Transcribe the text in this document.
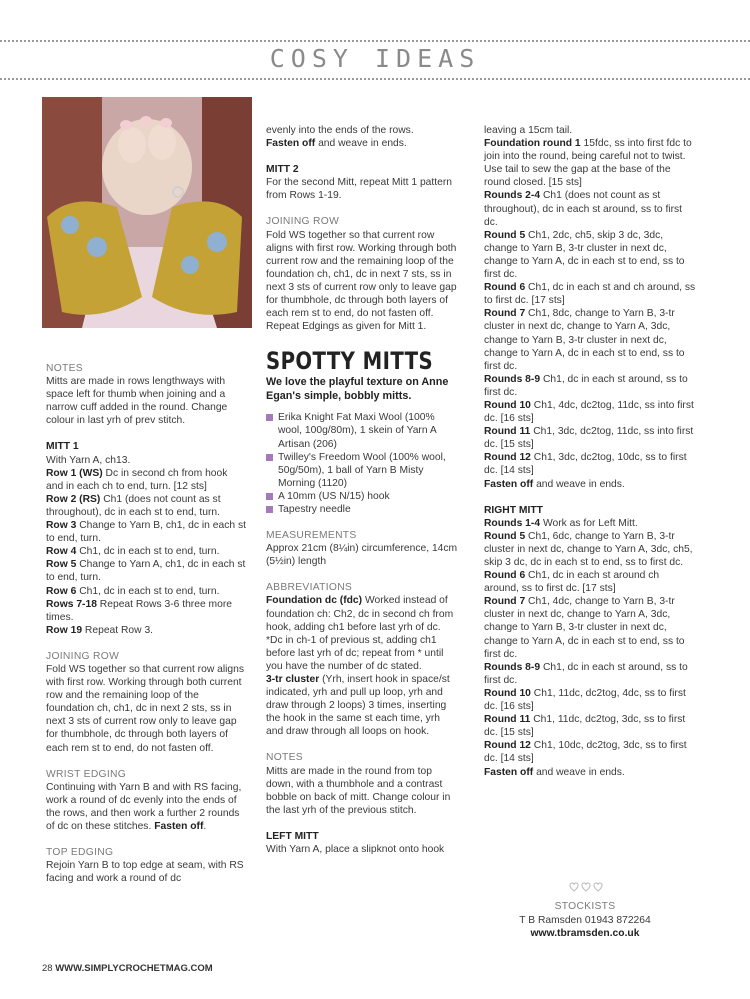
COSY IDEAS

NOTES

Mitts are made in rows lengthways with space left for thumb when joining and a narrow cuff added in the round. Change colour in last yrh of prev stitch.

MITT 1

With Yarn A, ch13.

Row 1 (WS) Dc in second ch from hook and in each ch to end, turn. [12 sts]

Row 2 (RS) Ch1 (does not count as st throughout), dc in each st to end, turn.

Row 3 Change to Yarn B, ch1, dc in each st to end, turn.

Row 4 Ch1, dc in each st to end, turn.

Row 5 Change to Yarn A, ch1, dc in each st to end, turn.

Row 6 Ch1, dc in each st to end, turn.

Rows 7-18 Repeat Rows 3-6 three more times.

Row 19 Repeat Row 3.

JOINING ROW

Fold WS together so that current row aligns with first row. Working through both current row and the remaining loop of the foundation ch, ch1, dc in next 2 sts, ss in next 3 sts of current row only to leave gap for thumbhole, dc through both layers of each rem st to end, do not fasten off.

WRIST EDGING

Continuing with Yarn B and with RS facing, work a round of dc evenly into the ends of the rows, and then work a further 2 rounds of dc on these stitches. Fasten off.

TOP EDGING

Rejoin Yarn B to top edge at seam, with RS facing and work a round of dc

evenly into the ends of the rows.
Fasten off and weave in ends.

MITT 2

For the second Mitt, repeat Mitt 1 pattern from Rows 1-19.

JOINING ROW

Fold WS together so that current row aligns with first row. Working through both current row and the remaining loop of the foundation ch, ch1, dc in next 7 sts, ss in next 3 sts of current row only to leave gap for thumbhole, dc through both layers of each rem st to end, do not fasten off. Repeat Edgings as given for Mitt 1.

SPOTTY MITTS

We love the playful texture on Anne Egan's simple, bobbly mitts.

Erika Knight Fat Maxi Wool (100% wool, 100g/80m), 1 skein of Yarn A Artisan (206)
Twilley's Freedom Wool (100% wool, 50g/50m), 1 ball of Yarn B Misty Morning (1120)
A 10mm (US N/15) hook
Tapestry needle

MEASUREMENTS

Approx 21cm (8¼in) circumference, 14cm (5½in) length

ABBREVIATIONS

Foundation dc (fdc) Worked instead of foundation ch: Ch2, dc in second ch from hook, adding ch1 before last yrh of dc. *Dc in ch-1 of previous st, adding ch1 before last yrh of dc; repeat from * until you have the number of dc stated.

3-tr cluster (Yrh, insert hook in space/st indicated, yrh and pull up loop, yrh and draw through 2 loops) 3 times, inserting the hook in the same st each time, yrh and draw through all loops on hook.

NOTES

Mitts are made in the round from top down, with a thumbhole and a contrast bobble on back of mitt. Change colour in the last yrh of the previous stitch.

LEFT MITT

With Yarn A, place a slipknot onto hook

leaving a 15cm tail.

Foundation round 1 15fdc, ss into first fdc to join into the round, being careful not to twist. Use tail to sew the gap at the base of the round closed. [15 sts]

Rounds 2-4 Ch1 (does not count as st throughout), dc in each st around, ss to first dc.

Round 5 Ch1, 2dc, ch5, skip 3 dc, 3dc, change to Yarn B, 3-tr cluster in next dc, change to Yarn A, dc in each st to end, ss to first dc.

Round 6 Ch1, dc in each st and ch around, ss to first dc. [17 sts]

Round 7 Ch1, 8dc, change to Yarn B, 3-tr cluster in next dc, change to Yarn A, 3dc, change to Yarn B, 3-tr cluster in next dc, change to Yarn A, dc in each st to end, ss to first dc.

Rounds 8-9 Ch1, dc in each st around, ss to first dc.

Round 10 Ch1, 4dc, dc2tog, 11dc, ss into first dc. [16 sts]

Round 11 Ch1, 3dc, dc2tog, 11dc, ss into first dc. [15 sts]

Round 12 Ch1, 3dc, dc2tog, 10dc, ss to first dc. [14 sts]

Fasten off and weave in ends.

RIGHT MITT

Rounds 1-4 Work as for Left Mitt.

Round 5 Ch1, 6dc, change to Yarn B, 3-tr cluster in next dc, change to Yarn A, 3dc, ch5, skip 3 dc, dc in each st to end, ss to first dc.

Round 6 Ch1, dc in each st around ch around, ss to first dc. [17 sts]

Round 7 Ch1, 4dc, change to Yarn B, 3-tr cluster in next dc, change to Yarn A, 3dc, change to Yarn B, 3-tr cluster in next dc, change to Yarn A, dc in each st to end, ss to first dc.

Rounds 8-9 Ch1, dc in each st around, ss to first dc.

Round 10 Ch1, 11dc, dc2tog, 4dc, ss to first dc. [16 sts]

Round 11 Ch1, 11dc, dc2tog, 3dc, ss to first dc. [15 sts]

Round 12 Ch1, 10dc, dc2tog, 3dc, ss to first dc. [14 sts]

Fasten off and weave in ends.

STOCKISTS
T B Ramsden 01943 872264
www.tbramsden.co.uk
28 WWW.SIMPLYCROCHETMAG.COM
